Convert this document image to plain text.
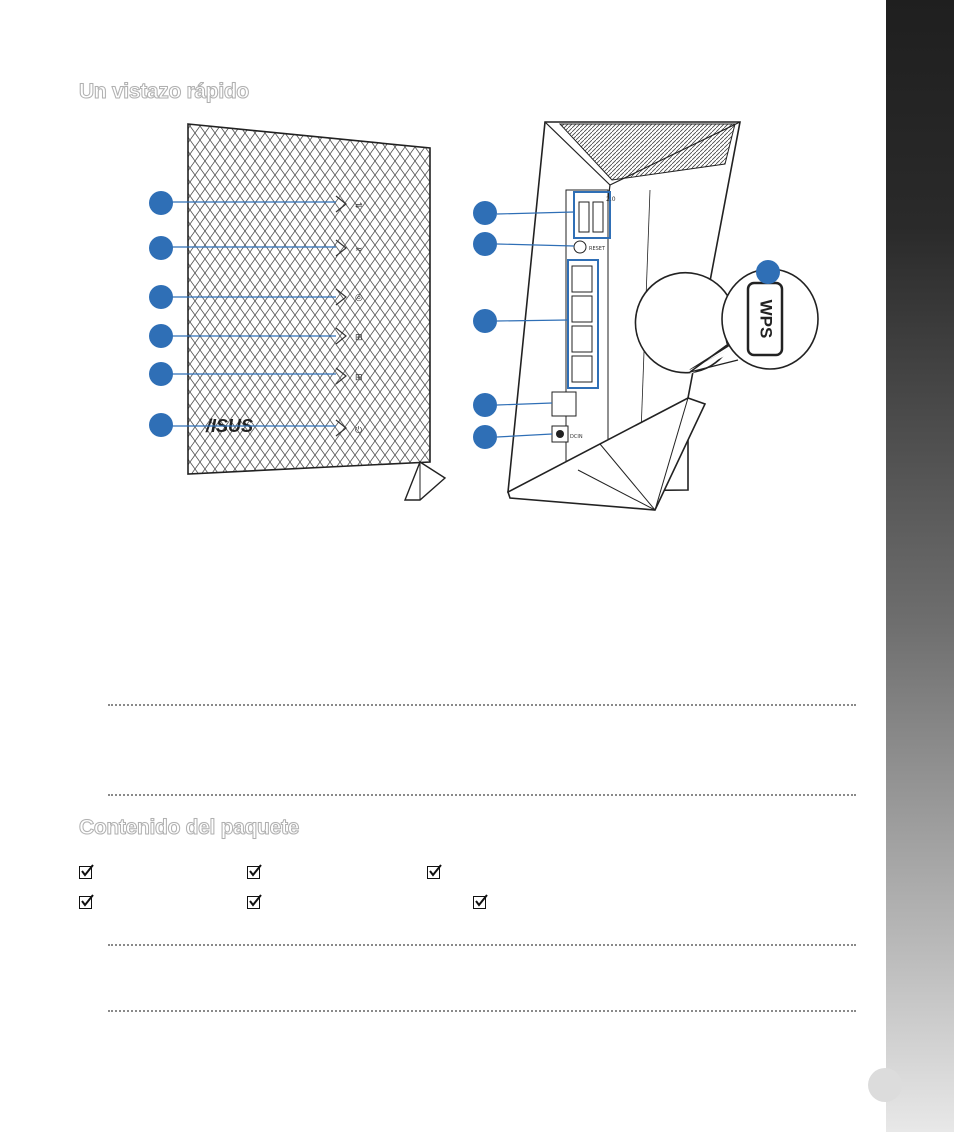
Un vistazo rápido
/ISUS
⇌
≈
◎
⊞
⊞
⏻
2.0
RESET
DCIN
WPS
Contenido del paquete
